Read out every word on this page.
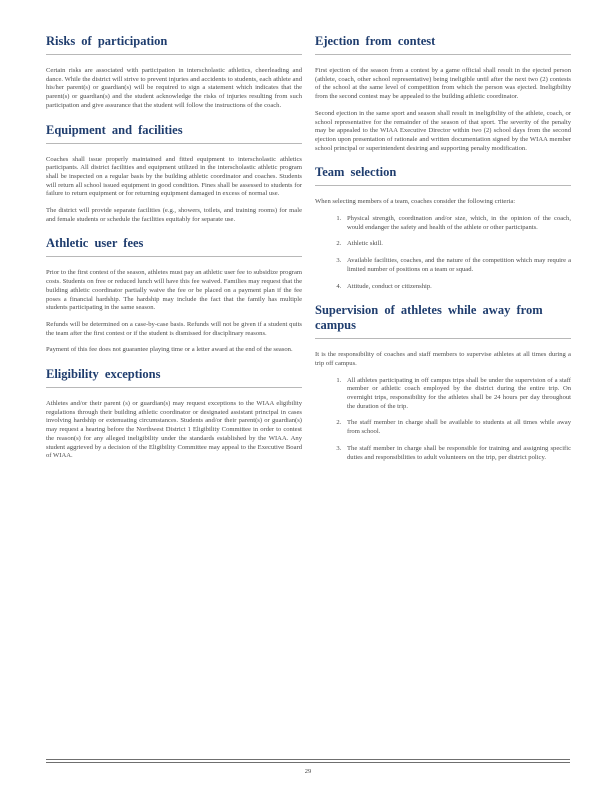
Risks of participation

Certain risks are associated with participation in interscholastic athletics, cheerleading and dance. While the district will strive to prevent injuries and accidents to students, each athlete and his/her parent(s) or guardian(s) will be required to sign a statement which indicates that the parent(s) or guardian(s) and the student acknowledge the risks of injuries resulting from such participation and give assurance that the student will follow the instructions of the coach.

Equipment and facilities

Coaches shall issue properly maintained and fitted equipment to interscholastic athletics participants. All district facilities and equipment utilized in the interscholastic athletic program shall be inspected on a regular basis by the building athletic coordinator and coaches. Students will return all school issued equipment in good condition. Fines shall be assessed to students for failure to return equipment or for returning equipment damaged in excess of normal use.

The district will provide separate facilities (e.g., showers, toilets, and training rooms) for male and female students or schedule the facilities equitably for separate use.

Athletic user fees

Prior to the first contest of the season, athletes must pay an athletic user fee to subsidize program costs. Students on free or reduced lunch will have this fee waived. Families may request that the building athletic coordinator partially waive the fee or be placed on a payment plan if the fee poses a financial hardship. The hardship may include the fact that the family has multiple students participating in the same season.

Refunds will be determined on a case-by-case basis. Refunds will not be given if a student quits the team after the first contest or if the student is dismissed for disciplinary reasons.

Payment of this fee does not guarantee playing time or a letter award at the end of the season.

Eligibility exceptions

Athletes and/or their parent (s) or guardian(s) may request exceptions to the WIAA eligibility regulations through their building athletic coordinator or designated assistant principal in cases involving hardship or extenuating circumstances. Students and/or their parent(s) or guardian(s) may request a hearing before the Northwest District 1 Eligibility Committee in order to contest the reason(s) for any alleged ineligibility under the standards established by the WIAA. Any student aggrieved by a decision of the Eligibility Committee may appeal to the Executive Board of WIAA.

Ejection from contest

First ejection of the season from a contest by a game official shall result in the ejected person (athlete, coach, other school representative) being ineligible until after the next two (2) contests of the school at the same level of competition from which the person was ejected. Ineligibility from the second contest may be appealed to the building athletic coordinator.

Second ejection in the same sport and season shall result in ineligibility of the athlete, coach, or school representative for the remainder of the season of that sport. The severity of the penalty may be appealed to the WIAA Executive Director within two (2) school days from the second ejection upon presentation of rationale and written documentation signed by the WIAA member school principal or superintendent desiring and supporting penalty modification.

Team selection

When selecting members of a team, coaches consider the following criteria:

1. Physical strength, coordination and/or size, which, in the opinion of the coach, would endanger the safety and health of the athlete or other participants.
2. Athletic skill.
3. Available facilities, coaches, and the nature of the competition which may require a limited number of positions on a team or squad.
4. Attitude, conduct or citizenship.
Supervision of athletes while away from campus

It is the responsibility of coaches and staff members to supervise athletes at all times during a trip off campus.

1. All athletes participating in off campus trips shall be under the supervision of a staff member or athletic coach employed by the district during the entire trip. On overnight trips, responsibility for the athletes shall be 24 hours per day throughout the duration of the trip.
2. The staff member in charge shall be available to students at all times while away from school.
3. The staff member in charge shall be responsible for training and assigning specific duties and responsibilities to adult volunteers on the trip, per district policy.
29
